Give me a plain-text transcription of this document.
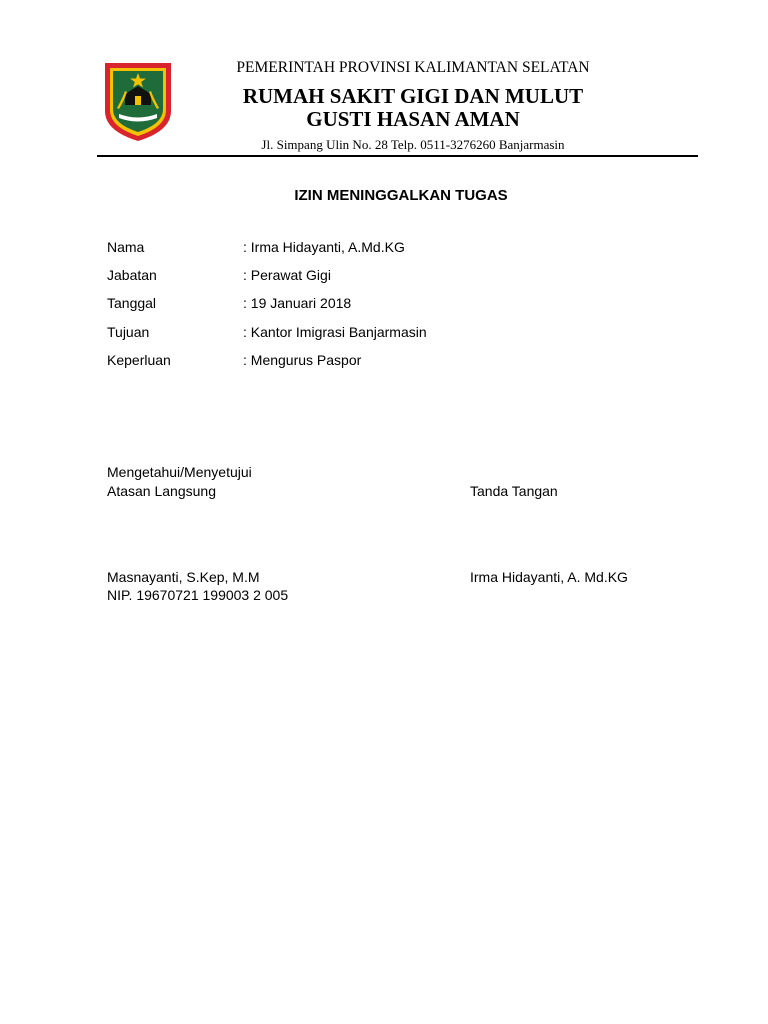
PEMERINTAH PROVINSI KALIMANTAN SELATAN
RUMAH SAKIT GIGI DAN MULUT
GUSTI HASAN AMAN
Jl. Simpang Ulin No. 28 Telp. 0511-3276260 Banjarmasin
IZIN MENINGGALKAN TUGAS
Nama	: Irma Hidayanti, A.Md.KG
Jabatan	: Perawat Gigi
Tanggal	: 19 Januari 2018
Tujuan	: Kantor Imigrasi Banjarmasin
Keperluan	: Mengurus Paspor
Mengetahui/Menyetujui
Atasan Langsung	Tanda Tangan
Masnayanti, S.Kep, M.M	Irma Hidayanti, A. Md.KG
NIP. 19670721 199003 2 005
